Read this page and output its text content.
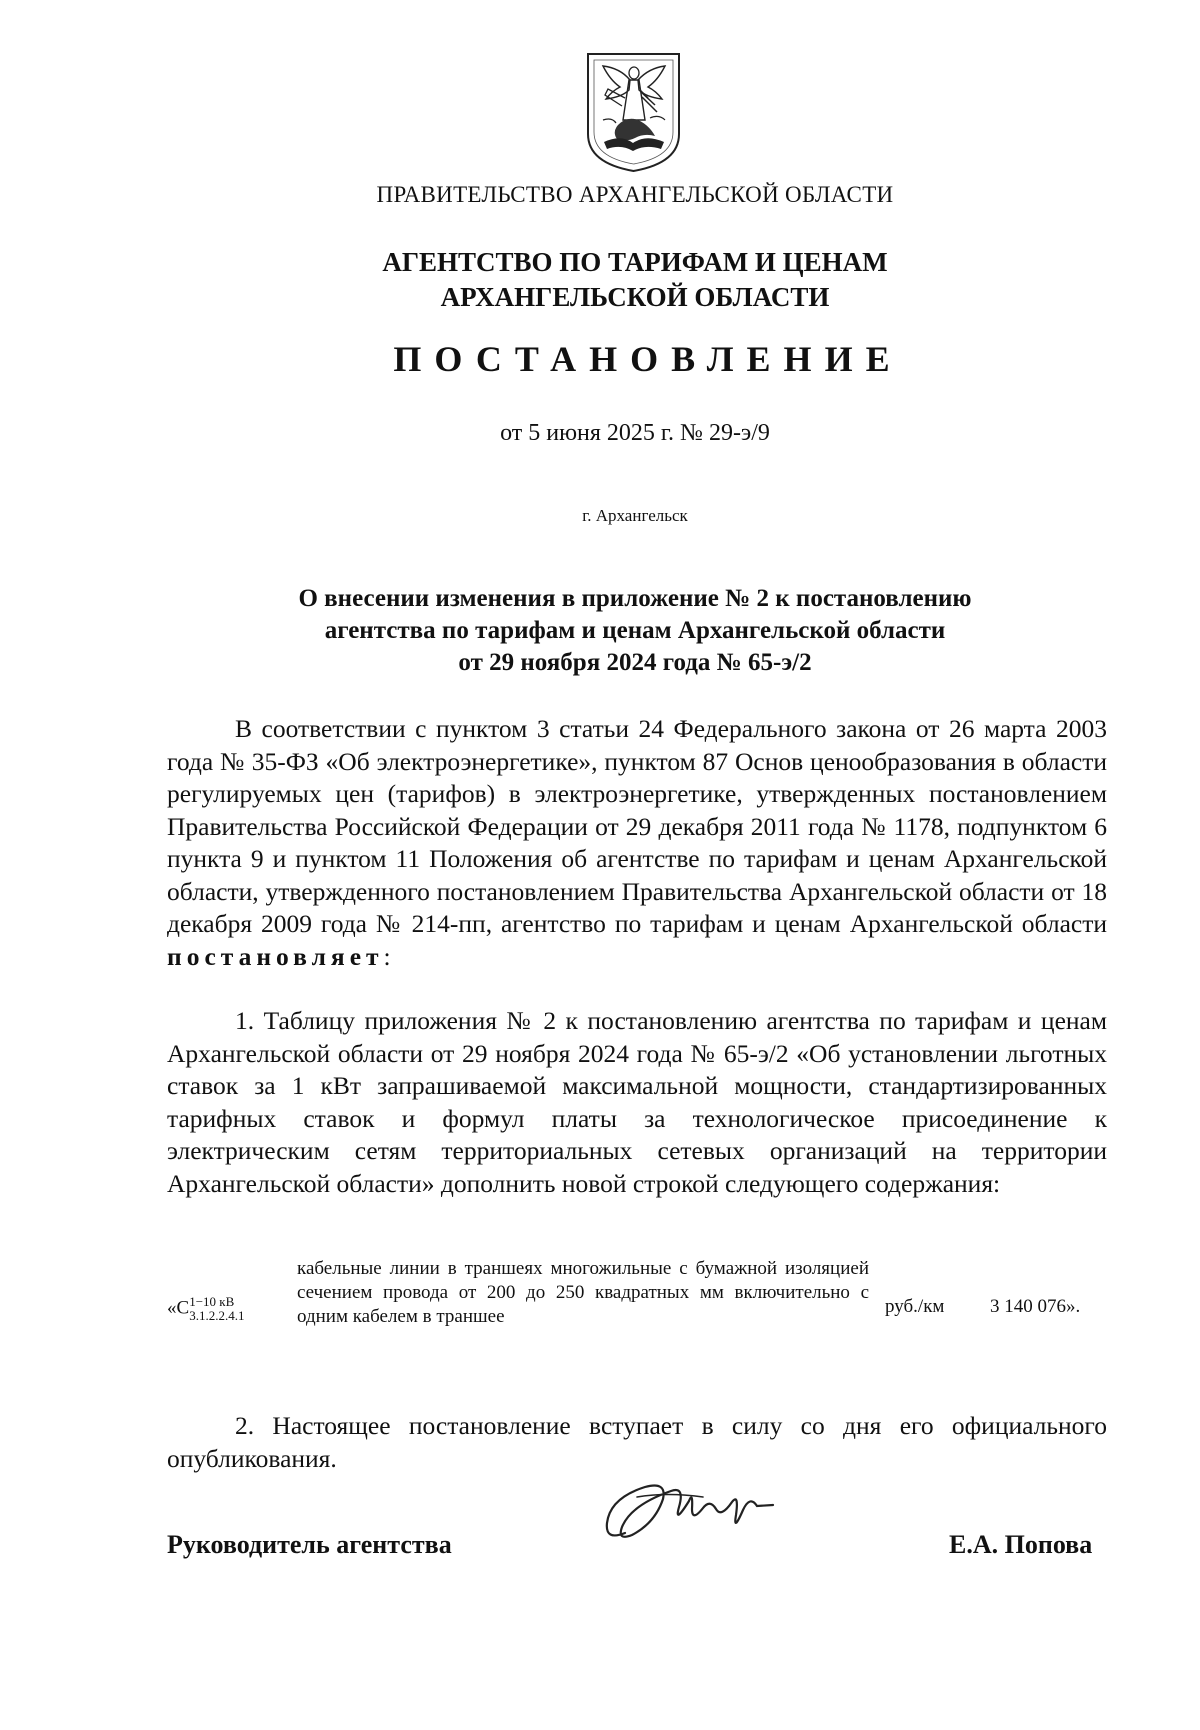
ПРАВИТЕЛЬСТВО АРХАНГЕЛЬСКОЙ ОБЛАСТИ
АГЕНТСТВО ПО ТАРИФАМ И ЦЕНАМ
АРХАНГЕЛЬСКОЙ ОБЛАСТИ
ПОСТАНОВЛЕНИЕ
от 5 июня 2025 г. № 29-э/9
г. Архангельск
О внесении изменения в приложение № 2 к постановлению
агентства по тарифам и ценам Архангельской области
от 29 ноября 2024 года № 65-э/2
В соответствии с пунктом 3 статьи 24 Федерального закона от 26 марта 2003 года № 35-ФЗ «Об электроэнергетике», пунктом 87 Основ ценообразования в области регулируемых цен (тарифов) в электроэнергетике, утвержденных постановлением Правительства Российской Федерации от 29 декабря 2011 года № 1178, подпунктом 6 пункта 9 и пунктом 11 Положения об агентстве по тарифам и ценам Архангельской области, утвержденного постановлением Правительства Архангельской области от 18 декабря 2009 года № 214-пп, агентство по тарифам и ценам Архангельской области постановляет:
1. Таблицу приложения № 2 к постановлению агентства по тарифам и ценам Архангельской области от 29 ноября 2024 года № 65-э/2 «Об установлении льготных ставок за 1 кВт запрашиваемой максимальной мощности, стандартизированных тарифных ставок и формул платы за технологическое присоединение к электрическим сетям территориальных сетевых организаций на территории Архангельской области» дополнить новой строкой следующего содержания:
«C 1−10 кВ
3.1.2.2.4.1
кабельные линии в траншеях многожильные с бумажной изоляцией сечением провода от 200 до 250 квадратных мм включительно с одним кабелем в траншее	руб./км 3 140 076».
2. Настоящее постановление вступает в силу со дня его официального опубликования.
Руководитель агентства	Е.А. Попова
